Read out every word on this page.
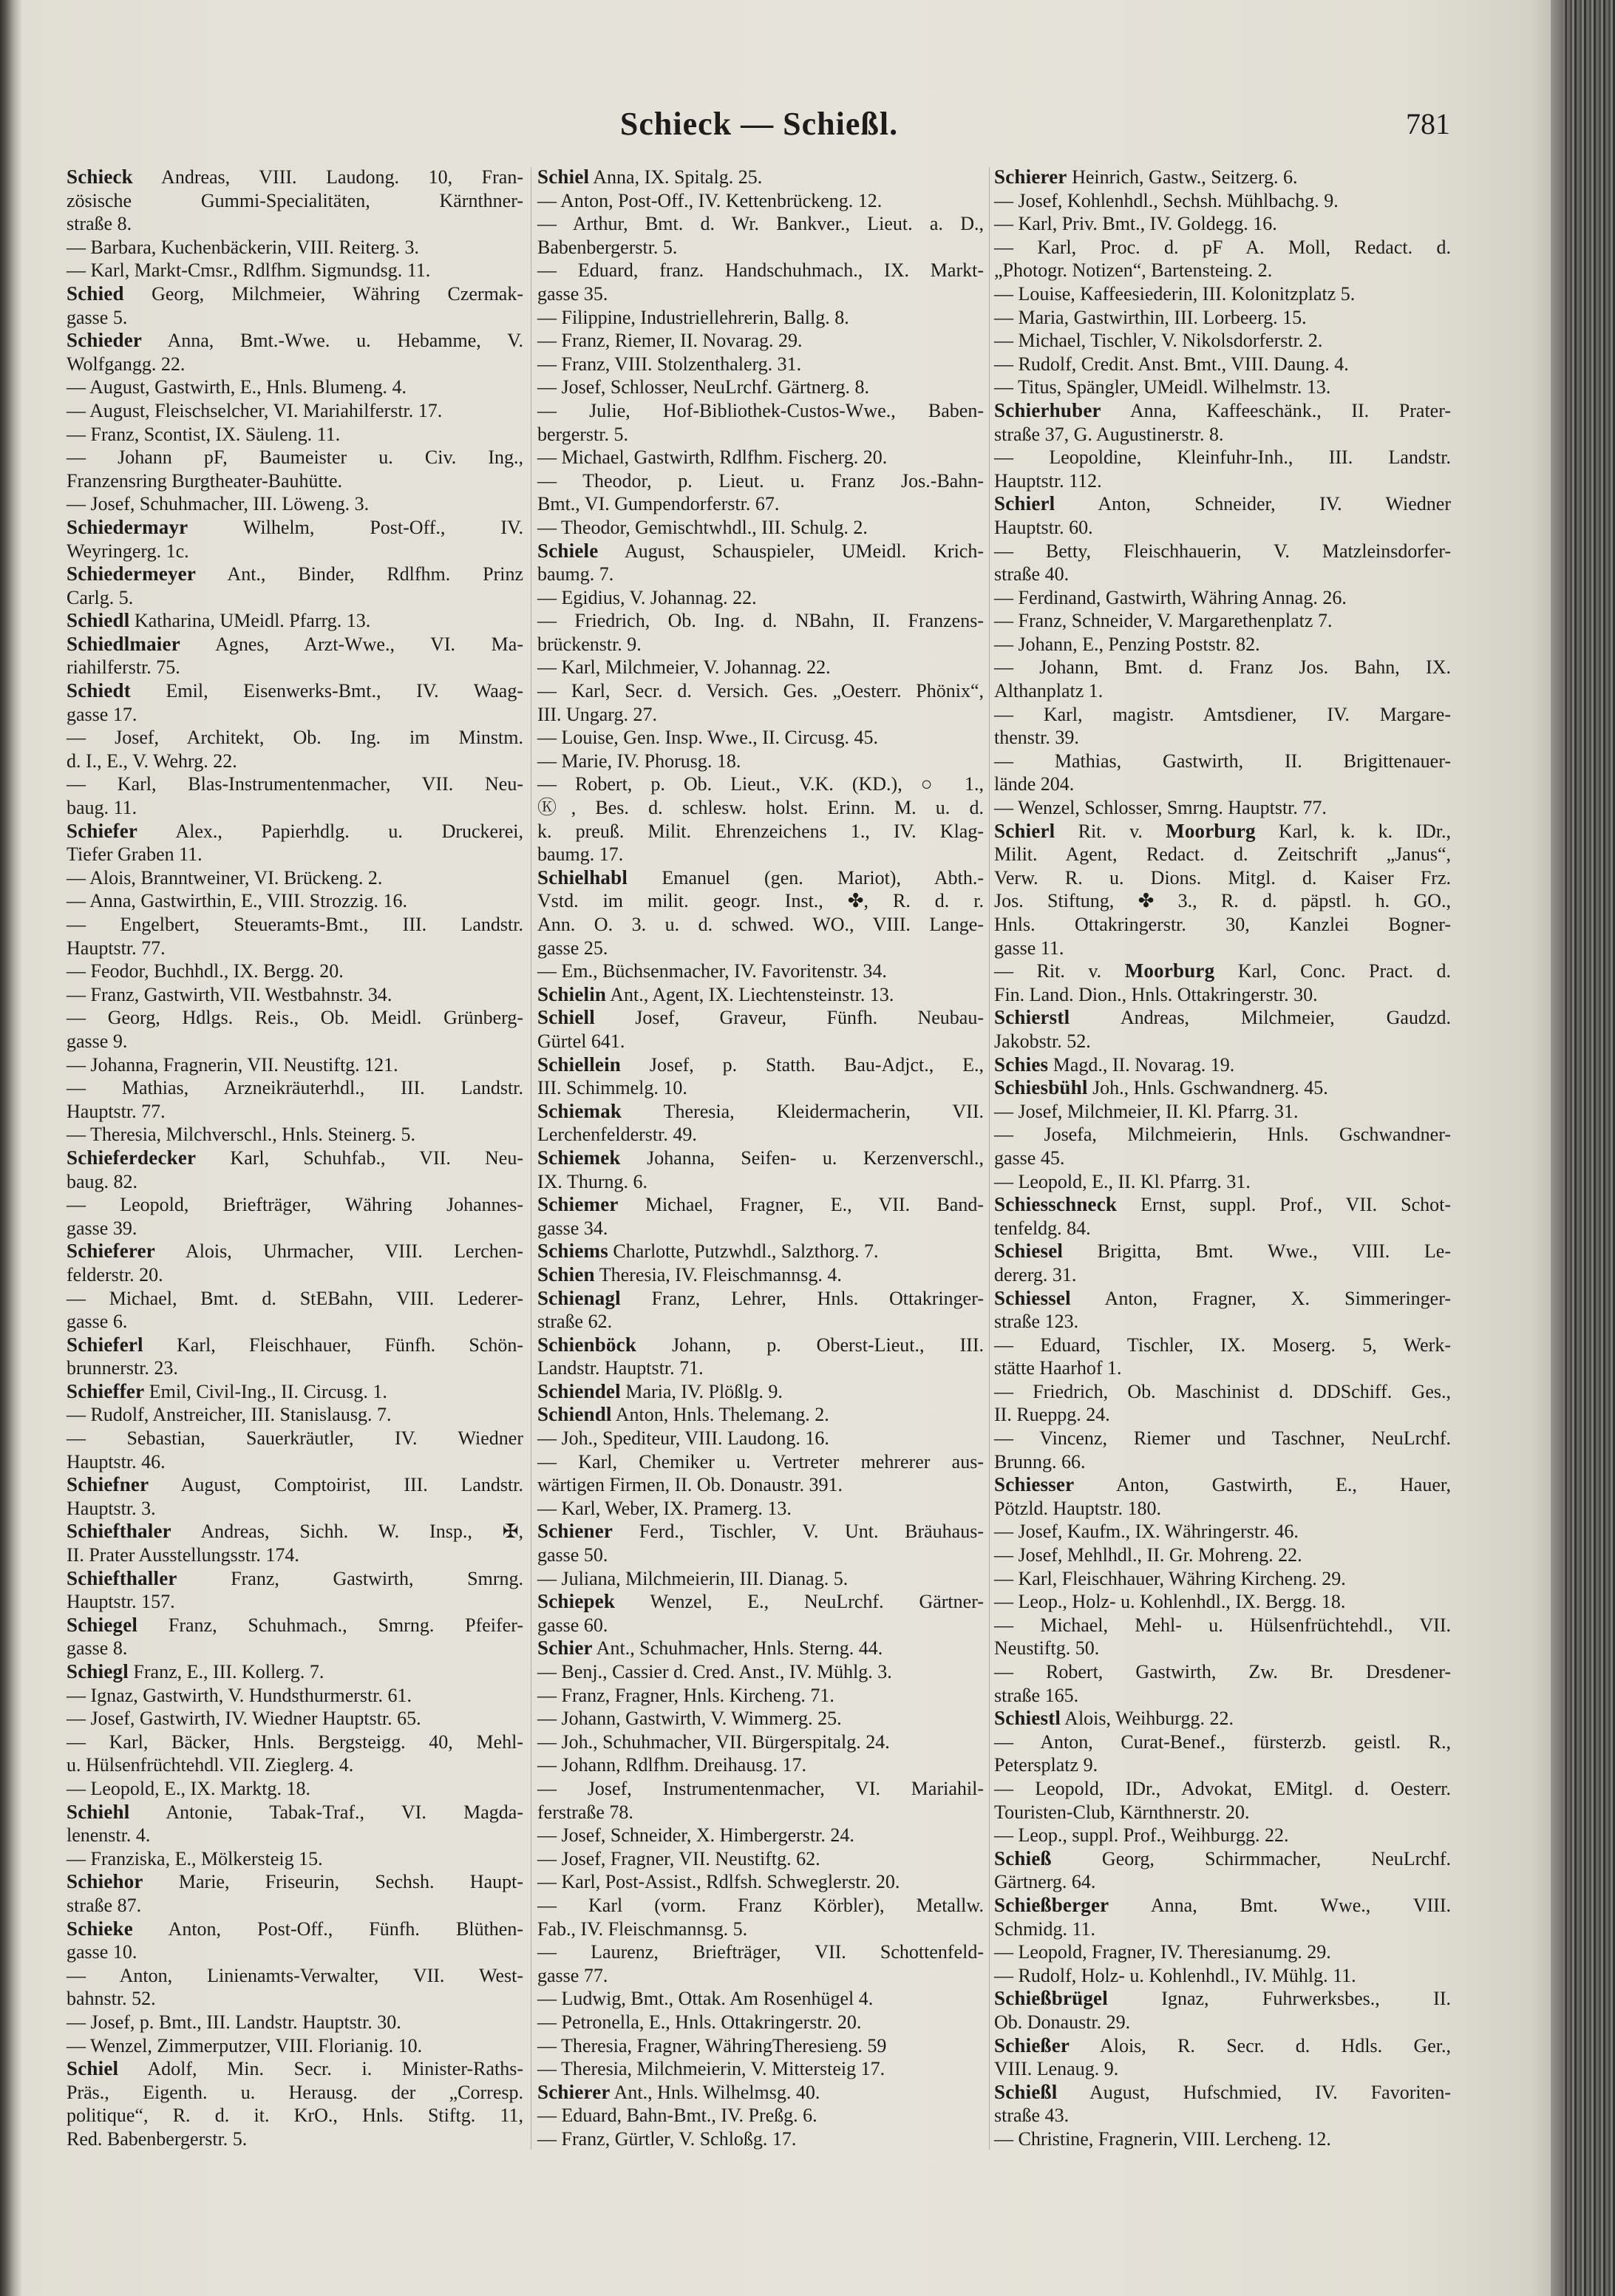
Schieck — Schießl.	781
Schieck Andreas, VIII. Laudong. 10, Fran-
zösische Gummi-Specialitäten, Kärnthner-
straße 8.
— Barbara, Kuchenbäckerin, VIII. Reiterg. 3.
— Karl, Markt-Cmsr., Rdlfhm. Sigmundsg. 11.
Schied Georg, Milchmeier, Währing Czermak-
gasse 5.
Schieder Anna, Bmt.-Wwe. u. Hebamme, V.
Wolfgangg. 22.
— August, Gastwirth, E., Hnls. Blumeng. 4.
— August, Fleischselcher, VI. Mariahilferstr. 17.
— Franz, Scontist, IX. Säuleng. 11.
— Johann pF, Baumeister u. Civ. Ing.,
Franzensring Burgtheater-Bauhütte.
— Josef, Schuhmacher, III. Löweng. 3.
Schiedermayr Wilhelm, Post-Off., IV.
Weyringerg. 1c.
Schiedermeyer Ant., Binder, Rdlfhm. Prinz
Carlg. 5.
Schiedl Katharina, UMeidl. Pfarrg. 13.
Schiedlmaier Agnes, Arzt-Wwe., VI. Ma-
riahilferstr. 75.
Schiedt Emil, Eisenwerks-Bmt., IV. Waag-
gasse 17.
— Josef, Architekt, Ob. Ing. im Minstm.
d. I., E., V. Wehrg. 22.
— Karl, Blas-Instrumentenmacher, VII. Neu-
baug. 11.
Schiefer Alex., Papierhdlg. u. Druckerei,
Tiefer Graben 11.
— Alois, Branntweiner, VI. Brückeng. 2.
— Anna, Gastwirthin, E., VIII. Strozzig. 16.
— Engelbert, Steueramts-Bmt., III. Landstr.
Hauptstr. 77.
— Feodor, Buchhdl., IX. Bergg. 20.
— Franz, Gastwirth, VII. Westbahnstr. 34.
— Georg, Hdlgs. Reis., Ob. Meidl. Grünberg-
gasse 9.
— Johanna, Fragnerin, VII. Neustiftg. 121.
— Mathias, Arzneikräuterhdl., III. Landstr.
Hauptstr. 77.
— Theresia, Milchverschl., Hnls. Steinerg. 5.
Schieferdecker Karl, Schuhfab., VII. Neu-
baug. 82.
— Leopold, Briefträger, Währing Johannes-
gasse 39.
Schieferer Alois, Uhrmacher, VIII. Lerchen-
felderstr. 20.
— Michael, Bmt. d. StEBahn, VIII. Lederer-
gasse 6.
Schieferl Karl, Fleischhauer, Fünfh. Schön-
brunnerstr. 23.
Schieffer Emil, Civil-Ing., II. Circusg. 1.
— Rudolf, Anstreicher, III. Stanislausg. 7.
— Sebastian, Sauerkräutler, IV. Wiedner
Hauptstr. 46.
Schiefner August, Comptoirist, III. Landstr.
Hauptstr. 3.
Schiefthaler Andreas, Sichh. W. Insp., ✠,
II. Prater Ausstellungsstr. 174.
Schiefthaller Franz, Gastwirth, Smrng.
Hauptstr. 157.
Schiegel Franz, Schuhmach., Smrng. Pfeifer-
gasse 8.
Schiegl Franz, E., III. Kollerg. 7.
— Ignaz, Gastwirth, V. Hundsthurmerstr. 61.
— Josef, Gastwirth, IV. Wiedner Hauptstr. 65.
— Karl, Bäcker, Hnls. Bergsteigg. 40, Mehl-
u. Hülsenfrüchtehdl. VII. Zieglerg. 4.
— Leopold, E., IX. Marktg. 18.
Schiehl Antonie, Tabak-Traf., VI. Magda-
lenenstr. 4.
— Franziska, E., Mölkersteig 15.
Schiehor Marie, Friseurin, Sechsh. Haupt-
straße 87.
Schieke Anton, Post-Off., Fünfh. Blüthen-
gasse 10.
— Anton, Linienamts-Verwalter, VII. West-
bahnstr. 52.
— Josef, p. Bmt., III. Landstr. Hauptstr. 30.
— Wenzel, Zimmerputzer, VIII. Florianig. 10.
Schiel Adolf, Min. Secr. i. Minister-Raths-
Präs., Eigenth. u. Herausg. der „Corresp.
politique“, R. d. it. KrO., Hnls. Stiftg. 11,
Red. Babenbergerstr. 5.
Schiel Anna, IX. Spitalg. 25.
— Anton, Post-Off., IV. Kettenbrückeng. 12.
— Arthur, Bmt. d. Wr. Bankver., Lieut. a. D.,
Babenbergerstr. 5.
— Eduard, franz. Handschuhmach., IX. Markt-
gasse 35.
— Filippine, Industriellehrerin, Ballg. 8.
— Franz, Riemer, II. Novarag. 29.
— Franz, VIII. Stolzenthalerg. 31.
— Josef, Schlosser, NeuLrchf. Gärtnerg. 8.
— Julie, Hof-Bibliothek-Custos-Wwe., Baben-
bergerstr. 5.
— Michael, Gastwirth, Rdlfhm. Fischerg. 20.
— Theodor, p. Lieut. u. Franz Jos.-Bahn-
Bmt., VI. Gumpendorferstr. 67.
— Theodor, Gemischtwhdl., III. Schulg. 2.
Schiele August, Schauspieler, UMeidl. Krich-
baumg. 7.
— Egidius, V. Johannag. 22.
— Friedrich, Ob. Ing. d. NBahn, II. Franzens-
brückenstr. 9.
— Karl, Milchmeier, V. Johannag. 22.
— Karl, Secr. d. Versich. Ges. „Oesterr. Phönix“,
III. Ungarg. 27.
— Louise, Gen. Insp. Wwe., II. Circusg. 45.
— Marie, IV. Phorusg. 18.
— Robert, p. Ob. Lieut., V.K. (KD.), ○ 1.,
Ⓚ, Bes. d. schlesw. holst. Erinn. M. u. d.
k. preuß. Milit. Ehrenzeichens 1., IV. Klag-
baumg. 17.
Schielhabl Emanuel (gen. Mariot), Abth.-
Vstd. im milit. geogr. Inst., ✤, R. d. r.
Ann. O. 3. u. d. schwed. WO., VIII. Lange-
gasse 25.
— Em., Büchsenmacher, IV. Favoritenstr. 34.
Schielin Ant., Agent, IX. Liechtensteinstr. 13.
Schiell Josef, Graveur, Fünfh. Neubau-
Gürtel 641.
Schiellein Josef, p. Statth. Bau-Adjct., E.,
III. Schimmelg. 10.
Schiemak Theresia, Kleidermacherin, VII.
Lerchenfelderstr. 49.
Schiemek Johanna, Seifen- u. Kerzenverschl.,
IX. Thurng. 6.
Schiemer Michael, Fragner, E., VII. Band-
gasse 34.
Schiems Charlotte, Putzwhdl., Salzthorg. 7.
Schien Theresia, IV. Fleischmannsg. 4.
Schienagl Franz, Lehrer, Hnls. Ottakringer-
straße 62.
Schienböck Johann, p. Oberst-Lieut., III.
Landstr. Hauptstr. 71.
Schiendel Maria, IV. Plößlg. 9.
Schiendl Anton, Hnls. Thelemang. 2.
— Joh., Spediteur, VIII. Laudong. 16.
— Karl, Chemiker u. Vertreter mehrerer aus-
wärtigen Firmen, II. Ob. Donaustr. 391.
— Karl, Weber, IX. Pramerg. 13.
Schiener Ferd., Tischler, V. Unt. Bräuhaus-
gasse 50.
— Juliana, Milchmeierin, III. Dianag. 5.
Schiepek Wenzel, E., NeuLrchf. Gärtner-
gasse 60.
Schier Ant., Schuhmacher, Hnls. Sterng. 44.
— Benj., Cassier d. Cred. Anst., IV. Mühlg. 3.
— Franz, Fragner, Hnls. Kircheng. 71.
— Johann, Gastwirth, V. Wimmerg. 25.
— Joh., Schuhmacher, VII. Bürgerspitalg. 24.
— Johann, Rdlfhm. Dreihausg. 17.
— Josef, Instrumentenmacher, VI. Mariahil-
ferstraße 78.
— Josef, Schneider, X. Himbergerstr. 24.
— Josef, Fragner, VII. Neustiftg. 62.
— Karl, Post-Assist., Rdlfsh. Schweglerstr. 20.
— Karl (vorm. Franz Körbler), Metallw.
Fab., IV. Fleischmannsg. 5.
— Laurenz, Briefträger, VII. Schottenfeld-
gasse 77.
— Ludwig, Bmt., Ottak. Am Rosenhügel 4.
— Petronella, E., Hnls. Ottakringerstr. 20.
— Theresia, Fragner, WähringTheresieng. 59
— Theresia, Milchmeierin, V. Mittersteig 17.
Schierer Ant., Hnls. Wilhelmsg. 40.
— Eduard, Bahn-Bmt., IV. Preßg. 6.
— Franz, Gürtler, V. Schloßg. 17.
Schierer Heinrich, Gastw., Seitzerg. 6.
— Josef, Kohlenhdl., Sechsh. Mühlbachg. 9.
— Karl, Priv. Bmt., IV. Goldegg. 16.
— Karl, Proc. d. pF A. Moll, Redact. d.
„Photogr. Notizen“, Bartensteing. 2.
— Louise, Kaffeesiederin, III. Kolonitzplatz 5.
— Maria, Gastwirthin, III. Lorbeerg. 15.
— Michael, Tischler, V. Nikolsdorferstr. 2.
— Rudolf, Credit. Anst. Bmt., VIII. Daung. 4.
— Titus, Spängler, UMeidl. Wilhelmstr. 13.
Schierhuber Anna, Kaffeeschänk., II. Prater-
straße 37, G. Augustinerstr. 8.
— Leopoldine, Kleinfuhr-Inh., III. Landstr.
Hauptstr. 112.
Schierl Anton, Schneider, IV. Wiedner
Hauptstr. 60.
— Betty, Fleischhauerin, V. Matzleinsdorfer-
straße 40.
— Ferdinand, Gastwirth, Währing Annag. 26.
— Franz, Schneider, V. Margarethenplatz 7.
— Johann, E., Penzing Poststr. 82.
— Johann, Bmt. d. Franz Jos. Bahn, IX.
Althanplatz 1.
— Karl, magistr. Amtsdiener, IV. Margare-
thenstr. 39.
— Mathias, Gastwirth, II. Brigittenauer-
lände 204.
— Wenzel, Schlosser, Smrng. Hauptstr. 77.
Schierl Rit. v. Moorburg Karl, k. k. IDr.,
Milit. Agent, Redact. d. Zeitschrift „Janus“,
Verw. R. u. Dions. Mitgl. d. Kaiser Frz.
Jos. Stiftung, ✤ 3., R. d. päpstl. h. GO.,
Hnls. Ottakringerstr. 30, Kanzlei Bogner-
gasse 11.
— Rit. v. Moorburg Karl, Conc. Pract. d.
Fin. Land. Dion., Hnls. Ottakringerstr. 30.
Schierstl Andreas, Milchmeier, Gaudzd.
Jakobstr. 52.
Schies Magd., II. Novarag. 19.
Schiesbühl Joh., Hnls. Gschwandnerg. 45.
— Josef, Milchmeier, II. Kl. Pfarrg. 31.
— Josefa, Milchmeierin, Hnls. Gschwandner-
gasse 45.
— Leopold, E., II. Kl. Pfarrg. 31.
Schiesschneck Ernst, suppl. Prof., VII. Schot-
tenfeldg. 84.
Schiesel Brigitta, Bmt. Wwe., VIII. Le-
dererg. 31.
Schiessel Anton, Fragner, X. Simmeringer-
straße 123.
— Eduard, Tischler, IX. Moserg. 5, Werk-
stätte Haarhof 1.
— Friedrich, Ob. Maschinist d. DDSchiff. Ges.,
II. Rueppg. 24.
— Vincenz, Riemer und Taschner, NeuLrchf.
Brunng. 66.
Schiesser Anton, Gastwirth, E., Hauer,
Pötzld. Hauptstr. 180.
— Josef, Kaufm., IX. Währingerstr. 46.
— Josef, Mehlhdl., II. Gr. Mohreng. 22.
— Karl, Fleischhauer, Währing Kircheng. 29.
— Leop., Holz- u. Kohlenhdl., IX. Bergg. 18.
— Michael, Mehl- u. Hülsenfrüchtehdl., VII.
Neustiftg. 50.
— Robert, Gastwirth, Zw. Br. Dresdener-
straße 165.
Schiestl Alois, Weihburgg. 22.
— Anton, Curat-Benef., fürsterzb. geistl. R.,
Petersplatz 9.
— Leopold, IDr., Advokat, EMitgl. d. Oesterr.
Touristen-Club, Kärnthnerstr. 20.
— Leop., suppl. Prof., Weihburgg. 22.
Schieß Georg, Schirmmacher, NeuLrchf.
Gärtnerg. 64.
Schießberger Anna, Bmt. Wwe., VIII.
Schmidg. 11.
— Leopold, Fragner, IV. Theresianumg. 29.
— Rudolf, Holz- u. Kohlenhdl., IV. Mühlg. 11.
Schießbrügel Ignaz, Fuhrwerksbes., II.
Ob. Donaustr. 29.
Schießer Alois, R. Secr. d. Hdls. Ger.,
VIII. Lenaug. 9.
Schießl August, Hufschmied, IV. Favoriten-
straße 43.
— Christine, Fragnerin, VIII. Lercheng. 12.
